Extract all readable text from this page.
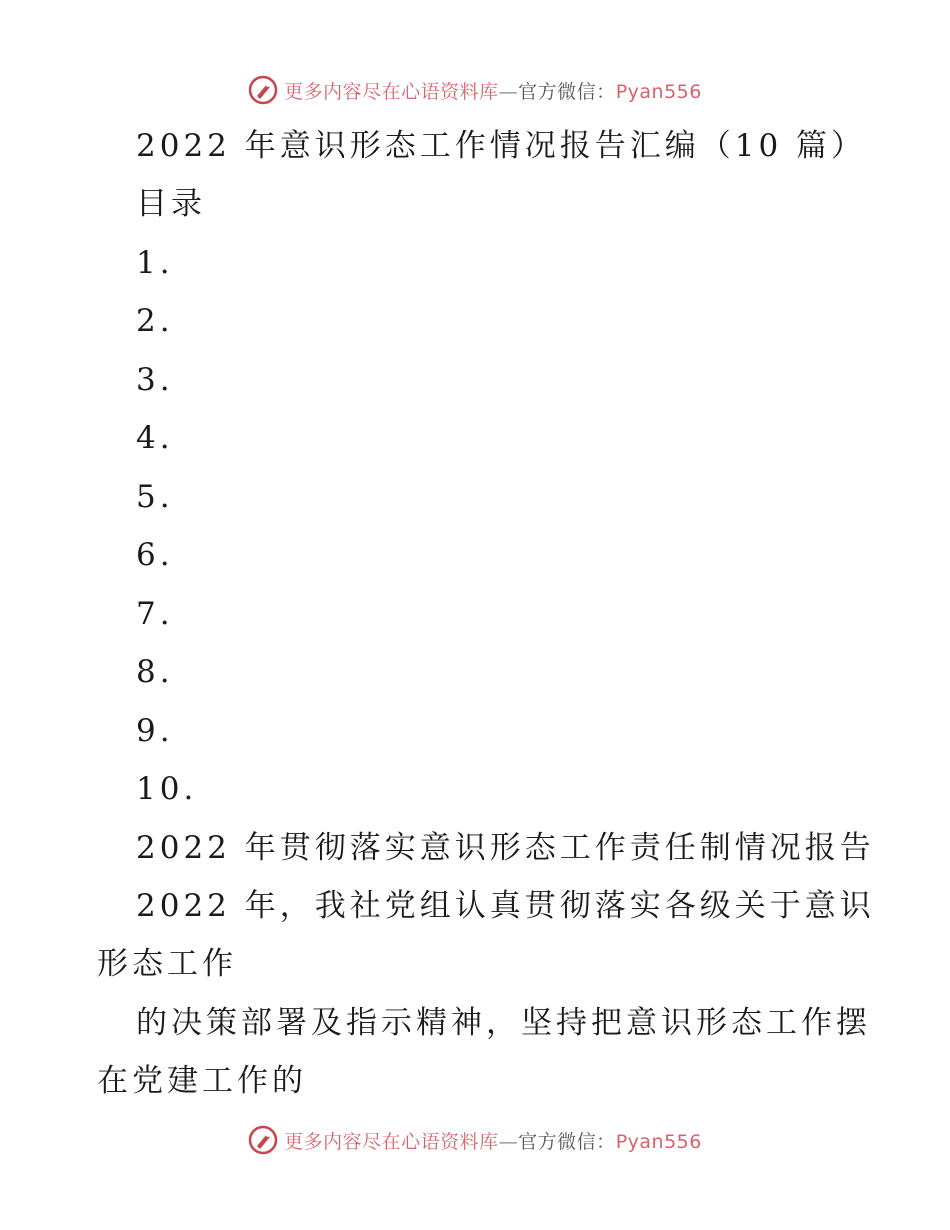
更多内容尽在心语资料库—官方微信：Pyan556
2022 年意识形态工作情况报告汇编（10 篇）
目录
1.
2.
3.
4.
5.
6.
7.
8.
9.
10.
2022 年贯彻落实意识形态工作责任制情况报告
2022 年，我社党组认真贯彻落实各级关于意识
形态工作
的决策部署及指示精神，坚持把意识形态工作摆
在党建工作的
更多内容尽在心语资料库—官方微信：Pyan556
